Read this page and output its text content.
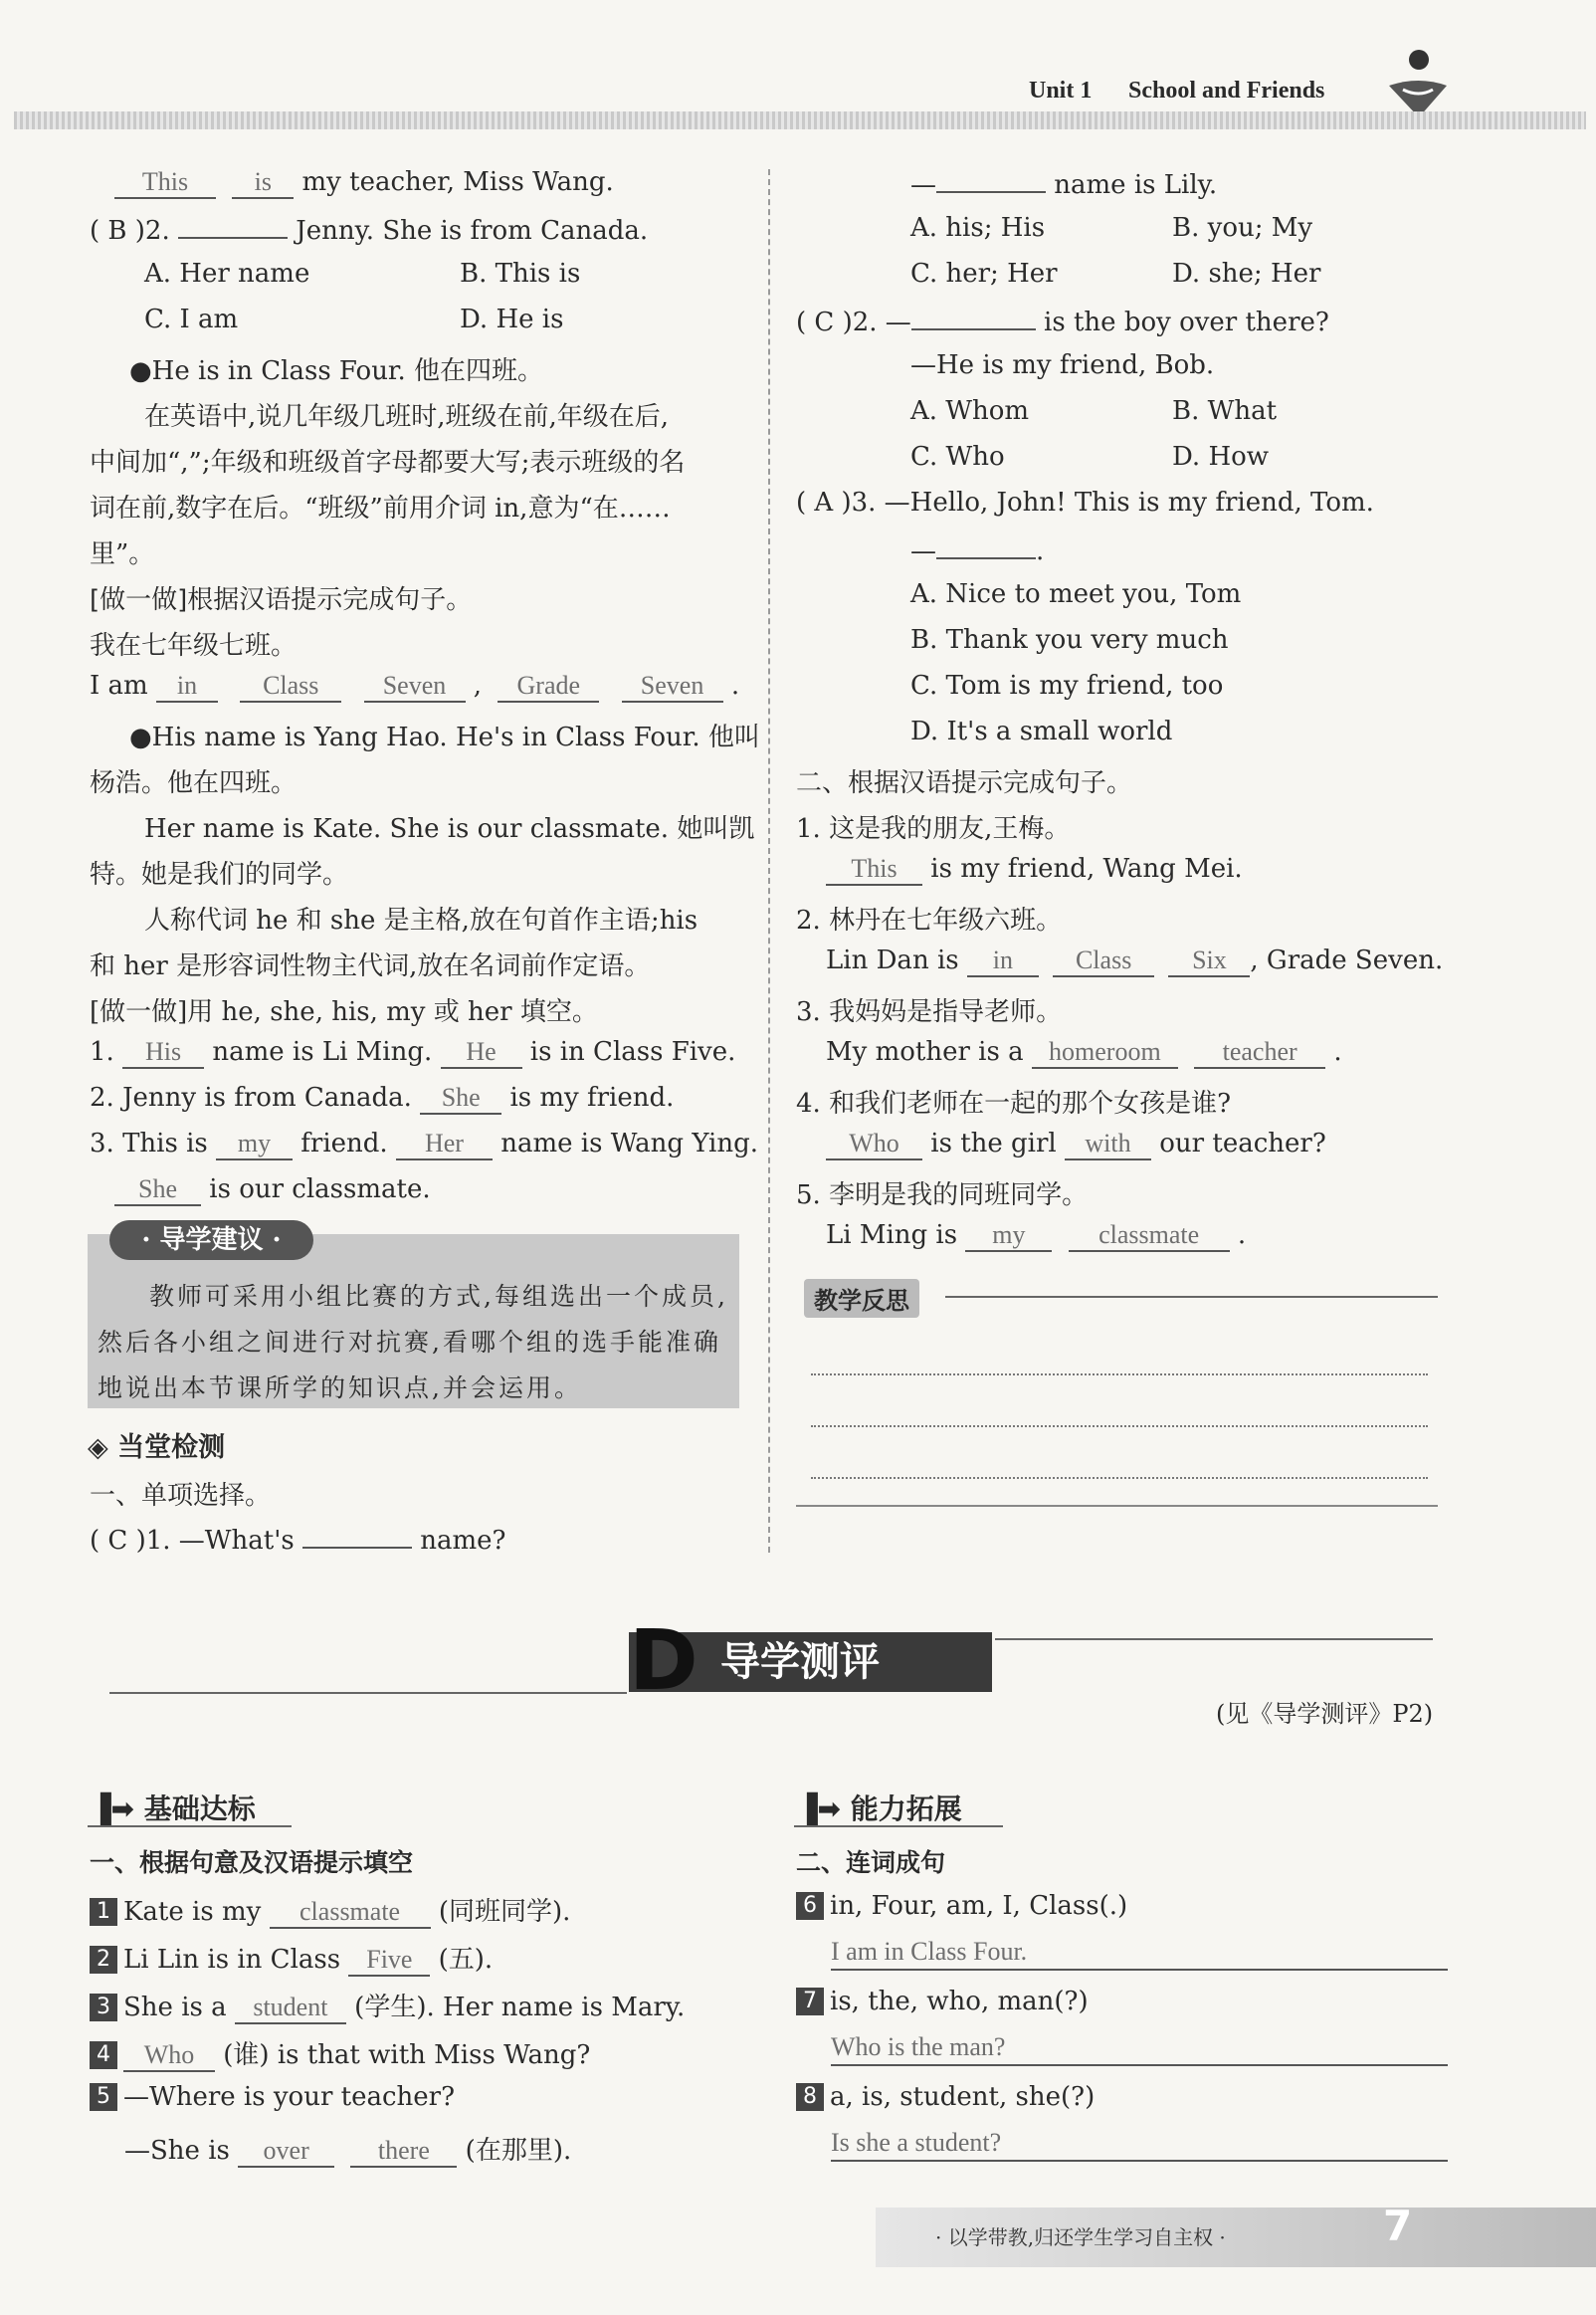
Unit 1 School and Friends
This	is my teacher, Miss Wang.
( B )2.	Jenny. She is from Canada.
A. Her name	B. This is
C. I am	D. He is
●He is in Class Four. 他在四班。
在英语中,说几年级几班时,班级在前,年级在后,
中间加“,”;年级和班级首字母都要大写;表示班级的名
词在前,数字在后。“班级”前用介词 in,意为“在……
里”。
[做一做]根据汉语提示完成句子。
我在七年级七班。
I am in	Class Seven , Grade Seven .
●His name is Yang Hao. He's in Class Four. 他叫
杨浩。他在四班。
Her name is Kate. She is our classmate. 她叫凯
特。她是我们的同学。
人称代词 he 和 she 是主格,放在句首作主语;his
和 her 是形容词性物主代词,放在名词前作定语。
[做一做]用 he, she, his, my 或 her 填空。
1. His name is Li Ming. He is in Class Five.
2. Jenny is from Canada. She is my friend.
3. This is my friend. Her name is Wang Ying.
She is our classmate.
· 导学建议 ·
教师可采用小组比赛的方式,每组选出一个成员,然后各小组之间进行对抗赛,看哪个组的选手能准确地说出本节课所学的知识点,并会运用。
◈ 当堂检测
一、单项选择。
( C )1. —What's	name?
—	name is Lily.
A. his; His	B. you; My
C. her; Her	D. she; Her
( C )2. —	is the boy over there?
—He is my friend, Bob.
A. Whom	B. What
C. Who	D. How
( A )3. —Hello, John! This is my friend, Tom.
—	.
A. Nice to meet you, Tom
B. Thank you very much
C. Tom is my friend, too
D. It's a small world
二、根据汉语提示完成句子。
1. 这是我的朋友,王梅。
This is my friend, Wang Mei.
2. 林丹在七年级六班。
Lin Dan is in Class Six , Grade Seven.
3. 我妈妈是指导老师。
My mother is a homeroom teacher .
4. 和我们老师在一起的那个女孩是谁?
Who is the girl with our teacher?
5. 李明是我的同班同学。
Li Ming is my	classmate .
教学反思
导学测评
D
(见《导学测评》P2)
▐➡ 基础达标
一、根据句意及汉语提示填空
1 Kate is my classmate (同班同学).
2 Li Lin is in Class Five (五).
3 She is a student (学生). Her name is Mary.
4 Who (谁) is that with Miss Wang?
5 —Where is your teacher?
—She is over	there (在那里).
▐➡ 能力拓展
二、连词成句
6 in, Four, am, I, Class(.)
I am in Class Four.
7 is, the, who, man(?)
Who is the man?
8 a, is, student, she(?)
Is she a student?
· 以学带教,归还学生学习自主权 ·	7
